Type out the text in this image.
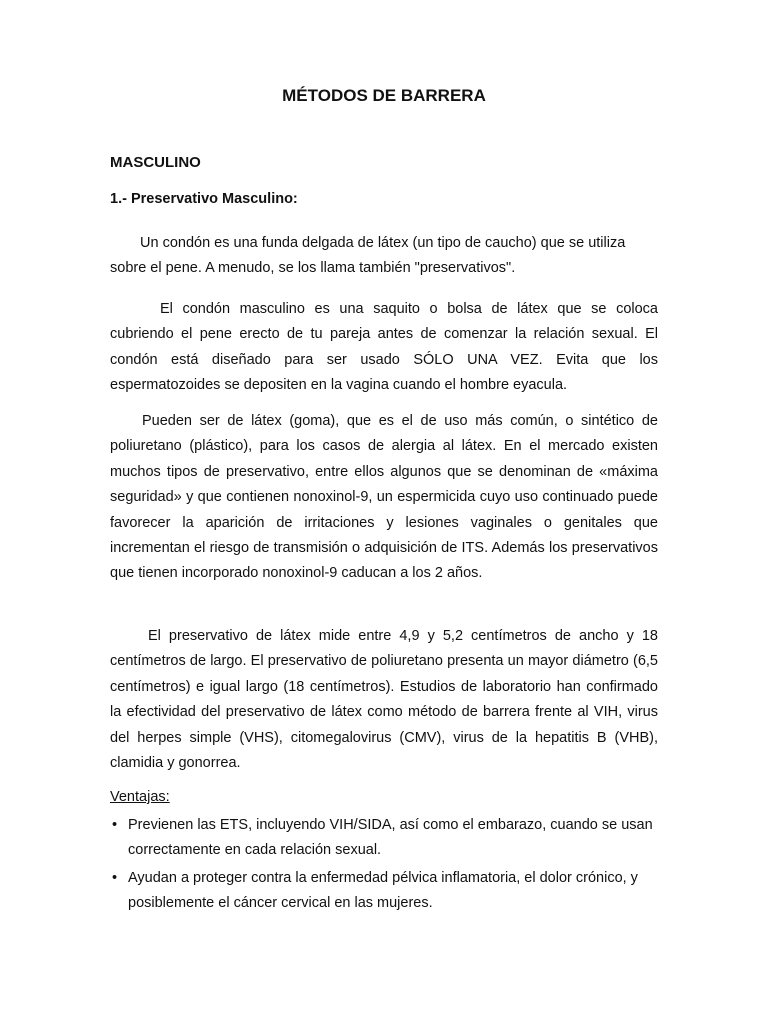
MÉTODOS DE BARRERA
MASCULINO
1.- Preservativo Masculino:

Un condón es una funda delgada de látex (un tipo de caucho) que se utiliza sobre el pene. A menudo, se los llama también "preservativos".

El condón masculino es una saquito o bolsa de látex que se coloca cubriendo el pene erecto de tu pareja antes de comenzar la relación sexual. El condón está diseñado para ser usado SÓLO UNA VEZ. Evita que los espermatozoides se depositen en la vagina cuando el hombre eyacula.

Pueden ser de látex (goma), que es el de uso más común, o sintético de poliuretano (plástico), para los casos de alergia al látex. En el mercado existen muchos tipos de preservativo, entre ellos algunos que se denominan de «máxima seguridad» y que contienen nonoxinol-9, un espermicida cuyo uso continuado puede favorecer la aparición de irritaciones y lesiones vaginales o genitales que incrementan el riesgo de transmisión o adquisición de ITS. Además los preservativos que tienen incorporado nonoxinol-9 caducan a los 2 años.

El preservativo de látex mide entre 4,9 y 5,2 centímetros de ancho y 18 centímetros de largo. El preservativo de poliuretano presenta un mayor diámetro (6,5 centímetros) e igual largo (18 centímetros). Estudios de laboratorio han confirmado la efectividad del preservativo de látex como método de barrera frente al VIH, virus del herpes simple (VHS), citomegalovirus (CMV), virus de la hepatitis B (VHB), clamidia y gonorrea.

Ventajas:

• Previenen las ETS, incluyendo VIH/SIDA, así como el embarazo, cuando se usan correctamente en cada relación sexual.
• Ayudan a proteger contra la enfermedad pélvica inflamatoria, el dolor crónico, y posiblemente el cáncer cervical en las mujeres.
